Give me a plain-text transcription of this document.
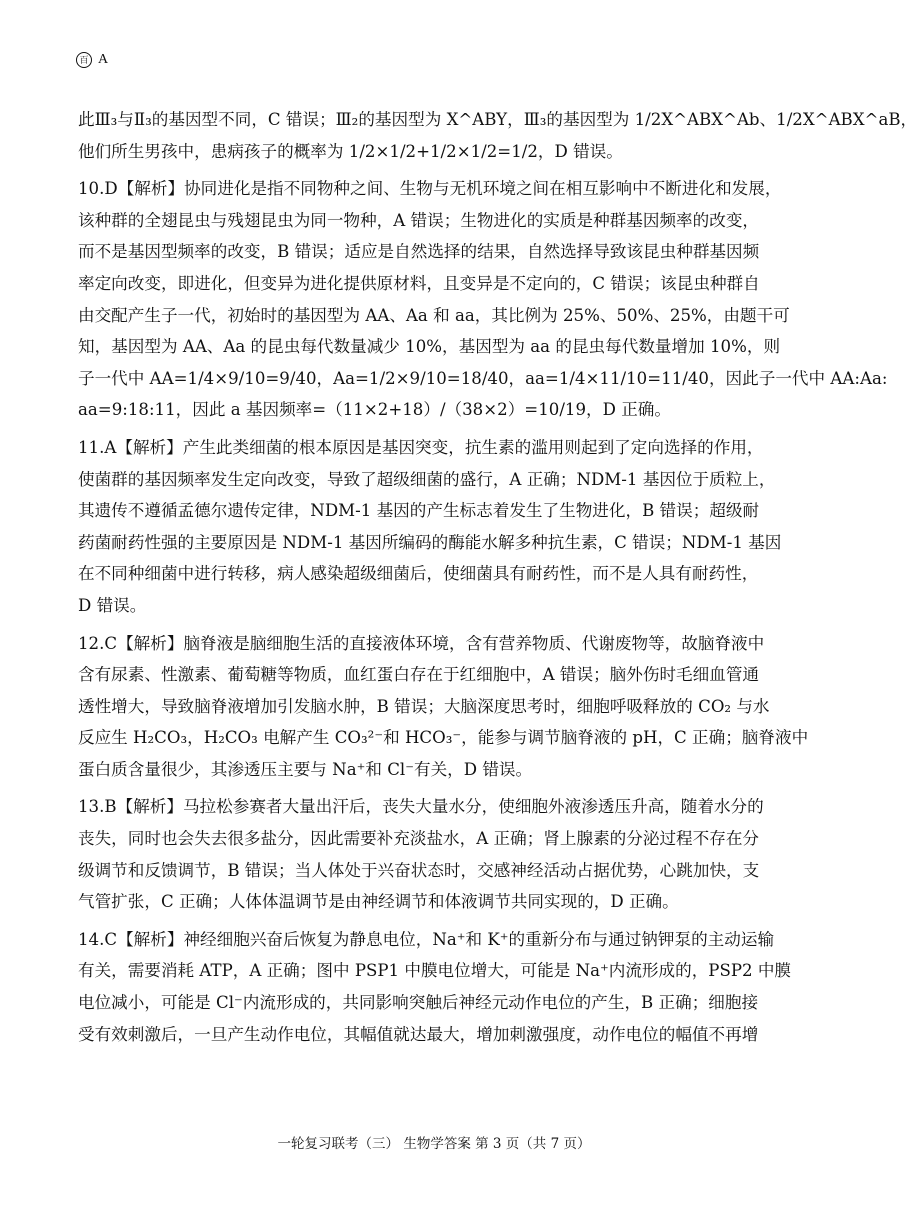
百 A
此Ⅲ₃与Ⅱ₃的基因型不同，C 错误；Ⅲ₂的基因型为 X^ABY，Ⅲ₃的基因型为 1/2X^ABX^Ab、1/2X^ABX^aB，
他们所生男孩中，患病孩子的概率为 1/2×1/2+1/2×1/2=1/2，D 错误。
10.D【解析】协同进化是指不同物种之间、生物与无机环境之间在相互影响中不断进化和发展，
该种群的全翅昆虫与残翅昆虫为同一物种，A 错误；生物进化的实质是种群基因频率的改变，
而不是基因型频率的改变，B 错误；适应是自然选择的结果，自然选择导致该昆虫种群基因频
率定向改变，即进化，但变异为进化提供原材料，且变异是不定向的，C 错误；该昆虫种群自
由交配产生子一代，初始时的基因型为 AA、Aa 和 aa，其比例为 25%、50%、25%，由题干可
知，基因型为 AA、Aa 的昆虫每代数量减少 10%，基因型为 aa 的昆虫每代数量增加 10%，则
子一代中 AA=1/4×9/10=9/40，Aa=1/2×9/10=18/40，aa=1/4×11/10=11/40，因此子一代中 AA:Aa:
aa=9:18:11，因此 a 基因频率=（11×2+18）/（38×2）=10/19，D 正确。
11.A【解析】产生此类细菌的根本原因是基因突变，抗生素的滥用则起到了定向选择的作用，
使菌群的基因频率发生定向改变，导致了超级细菌的盛行，A 正确；NDM-1 基因位于质粒上，
其遗传不遵循孟德尔遗传定律，NDM-1 基因的产生标志着发生了生物进化，B 错误；超级耐
药菌耐药性强的主要原因是 NDM-1 基因所编码的酶能水解多种抗生素，C 错误；NDM-1 基因
在不同种细菌中进行转移，病人感染超级细菌后，使细菌具有耐药性，而不是人具有耐药性，
D 错误。
12.C【解析】脑脊液是脑细胞生活的直接液体环境，含有营养物质、代谢废物等，故脑脊液中
含有尿素、性激素、葡萄糖等物质，血红蛋白存在于红细胞中，A 错误；脑外伤时毛细血管通
透性增大，导致脑脊液增加引发脑水肿，B 错误；大脑深度思考时，细胞呼吸释放的 CO₂ 与水
反应生 H₂CO₃，H₂CO₃ 电解产生 CO₃²⁻和 HCO₃⁻，能参与调节脑脊液的 pH，C 正确；脑脊液中
蛋白质含量很少，其渗透压主要与 Na⁺和 Cl⁻有关，D 错误。
13.B【解析】马拉松参赛者大量出汗后，丧失大量水分，使细胞外液渗透压升高，随着水分的
丧失，同时也会失去很多盐分，因此需要补充淡盐水，A 正确；肾上腺素的分泌过程不存在分
级调节和反馈调节，B 错误；当人体处于兴奋状态时，交感神经活动占据优势，心跳加快，支
气管扩张，C 正确；人体体温调节是由神经调节和体液调节共同实现的，D 正确。
14.C【解析】神经细胞兴奋后恢复为静息电位，Na⁺和 K⁺的重新分布与通过钠钾泵的主动运输
有关，需要消耗 ATP，A 正确；图中 PSP1 中膜电位增大，可能是 Na⁺内流形成的，PSP2 中膜
电位减小，可能是 Cl⁻内流形成的，共同影响突触后神经元动作电位的产生，B 正确；细胞接
受有效刺激后，一旦产生动作电位，其幅值就达最大，增加刺激强度，动作电位的幅值不再增
一轮复习联考（三） 生物学答案 第 3 页（共 7 页）
